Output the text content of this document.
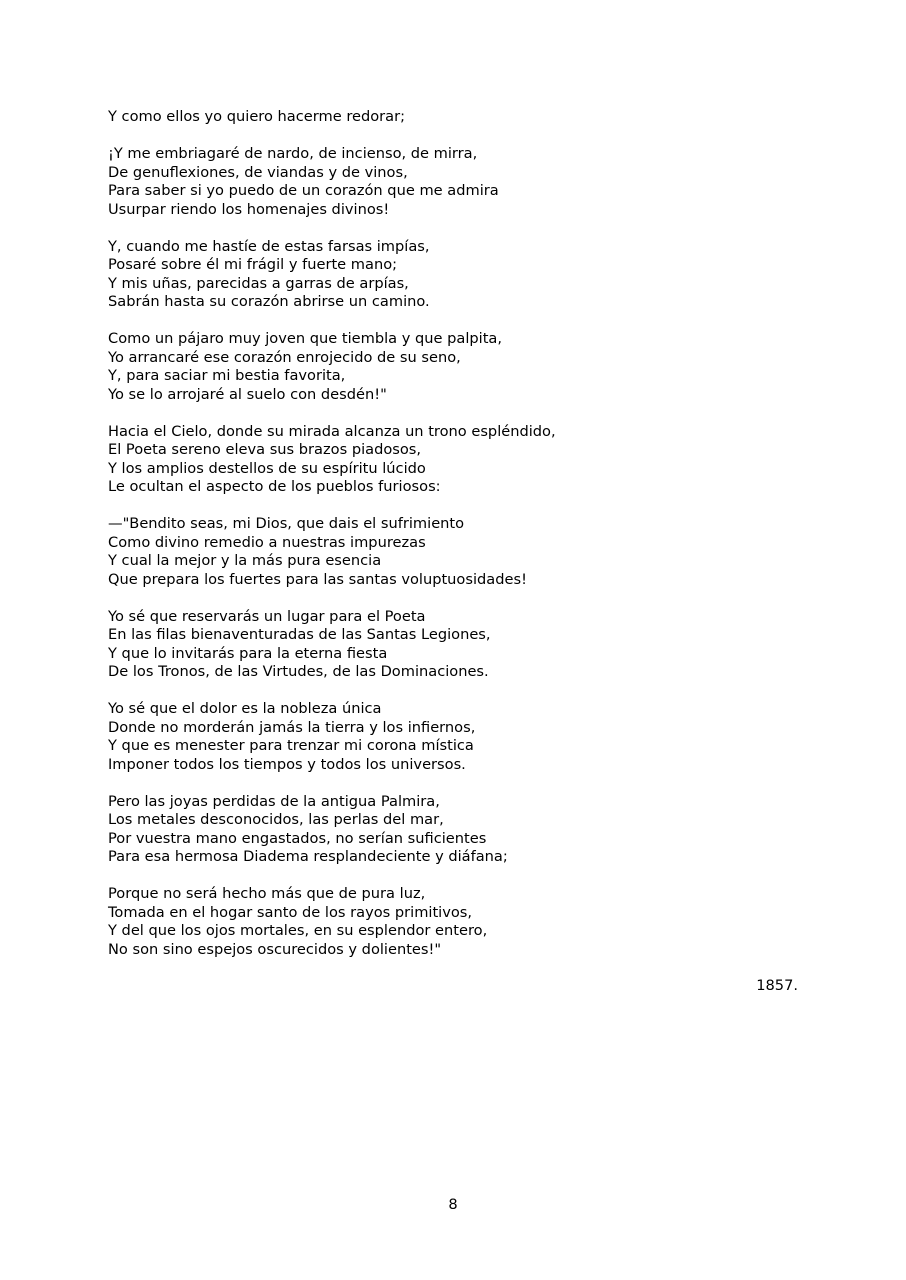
Y como ellos yo quiero hacerme redorar;
¡Y me embriagaré de nardo, de incienso, de mirra,
De genuflexiones, de viandas y de vinos,
Para saber si yo puedo de un corazón que me admira
Usurpar riendo los homenajes divinos!
Y, cuando me hastíe de estas farsas impías,
Posaré sobre él mi frágil y fuerte mano;
Y mis uñas, parecidas a garras de arpías,
Sabrán hasta su corazón abrirse un camino.
Como un pájaro muy joven que tiembla y que palpita,
Yo arrancaré ese corazón enrojecido de su seno,
Y, para saciar mi bestia favorita,
Yo se lo arrojaré al suelo con desdén!"
Hacia el Cielo, donde su mirada alcanza un trono espléndido,
El Poeta sereno eleva sus brazos piadosos,
Y los amplios destellos de su espíritu lúcido
Le ocultan el aspecto de los pueblos furiosos:
—"Bendito seas, mi Dios, que dais el sufrimiento
Como divino remedio a nuestras impurezas
Y cual la mejor y la más pura esencia
Que prepara los fuertes para las santas voluptuosidades!
Yo sé que reservarás un lugar para el Poeta
En las filas bienaventuradas de las Santas Legiones,
Y que lo invitarás para la eterna fiesta
De los Tronos, de las Virtudes, de las Dominaciones.
Yo sé que el dolor es la nobleza única
Donde no morderán jamás la tierra y los infiernos,
Y que es menester para trenzar mi corona mística
Imponer todos los tiempos y todos los universos.
Pero las joyas perdidas de la antigua Palmira,
Los metales desconocidos, las perlas del mar,
Por vuestra mano engastados, no serían suficientes
Para esa hermosa Diadema resplandeciente y diáfana;
Porque no será hecho más que de pura luz,
Tomada en el hogar santo de los rayos primitivos,
Y del que los ojos mortales, en su esplendor entero,
No son sino espejos oscurecidos y dolientes!"
1857.
8
